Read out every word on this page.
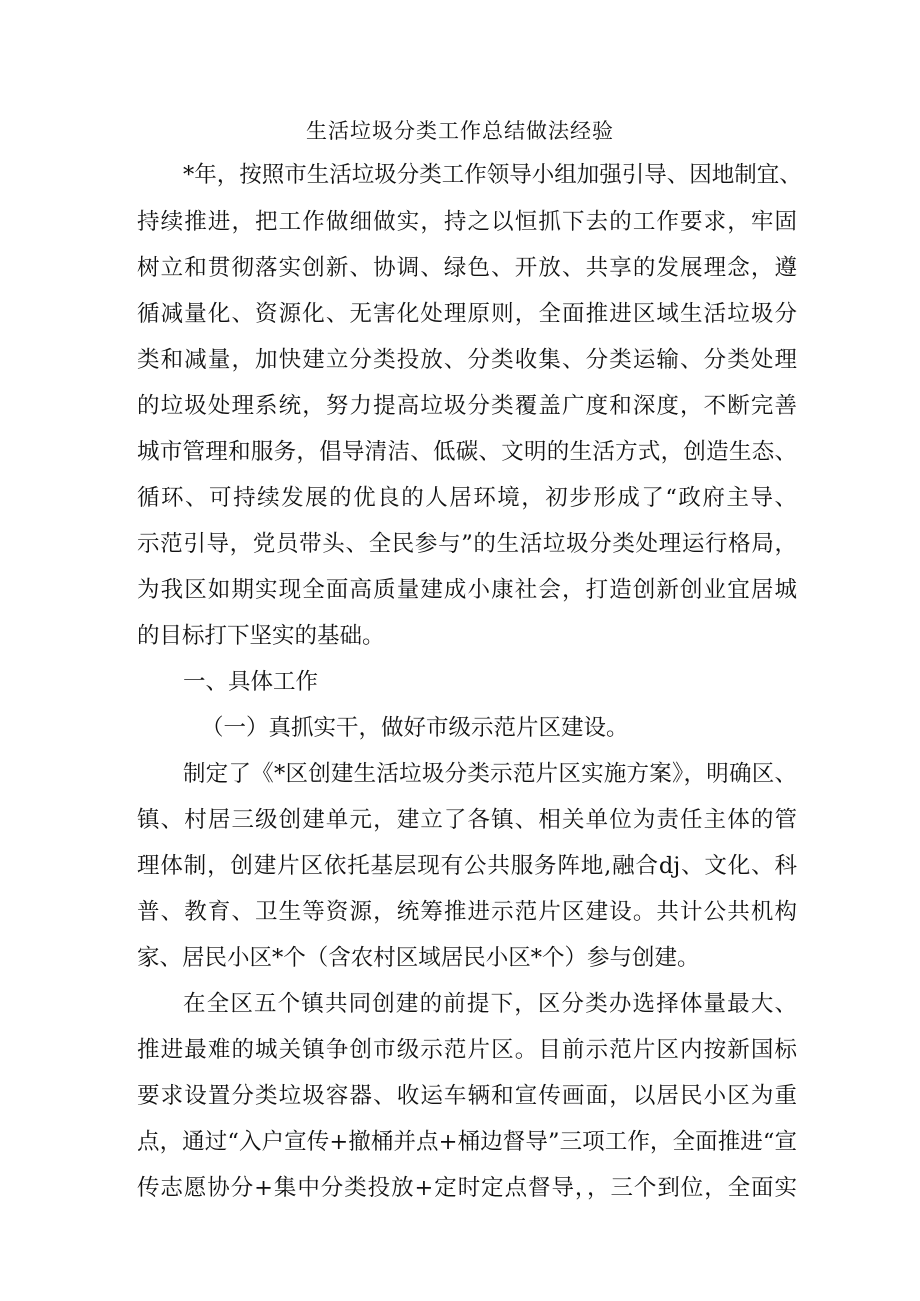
生活垃圾分类工作总结做法经验
*年，按照市生活垃圾分类工作领导小组加强引导、因地制宜、
持续推进，把工作做细做实，持之以恒抓下去的工作要求，牢固
树立和贯彻落实创新、协调、绿色、开放、共享的发展理念，遵
循减量化、资源化、无害化处理原则，全面推进区域生活垃圾分
类和减量，加快建立分类投放、分类收集、分类运输、分类处理
的垃圾处理系统，努力提高垃圾分类覆盖广度和深度，不断完善
城市管理和服务，倡导清洁、低碳、文明的生活方式，创造生态、
循环、可持续发展的优良的人居环境，初步形成了“政府主导、
示范引导，党员带头、全民参与”的生活垃圾分类处理运行格局，
为我区如期实现全面高质量建成小康社会，打造创新创业宜居城
的目标打下坚实的基础。
一、具体工作
（一）真抓实干，做好市级示范片区建设。
制定了《*区创建生活垃圾分类示范片区实施方案》，明确区、
镇、村居三级创建单元，建立了各镇、相关单位为责任主体的管
理体制，创建片区依托基层现有公共服务阵地,融合dj、文化、科
普、教育、卫生等资源，统筹推进示范片区建设。共计公共机构
家、居民小区*个（含农村区域居民小区*个）参与创建。
在全区五个镇共同创建的前提下，区分类办选择体量最大、
推进最难的城关镇争创市级示范片区。目前示范片区内按新国标
要求设置分类垃圾容器、收运车辆和宣传画面，以居民小区为重
点，通过“入户宣传+撤桶并点+桶边督导”三项工作，全面推进“宣
传志愿协分+集中分类投放+定时定点督导，，三个到位，全面实
